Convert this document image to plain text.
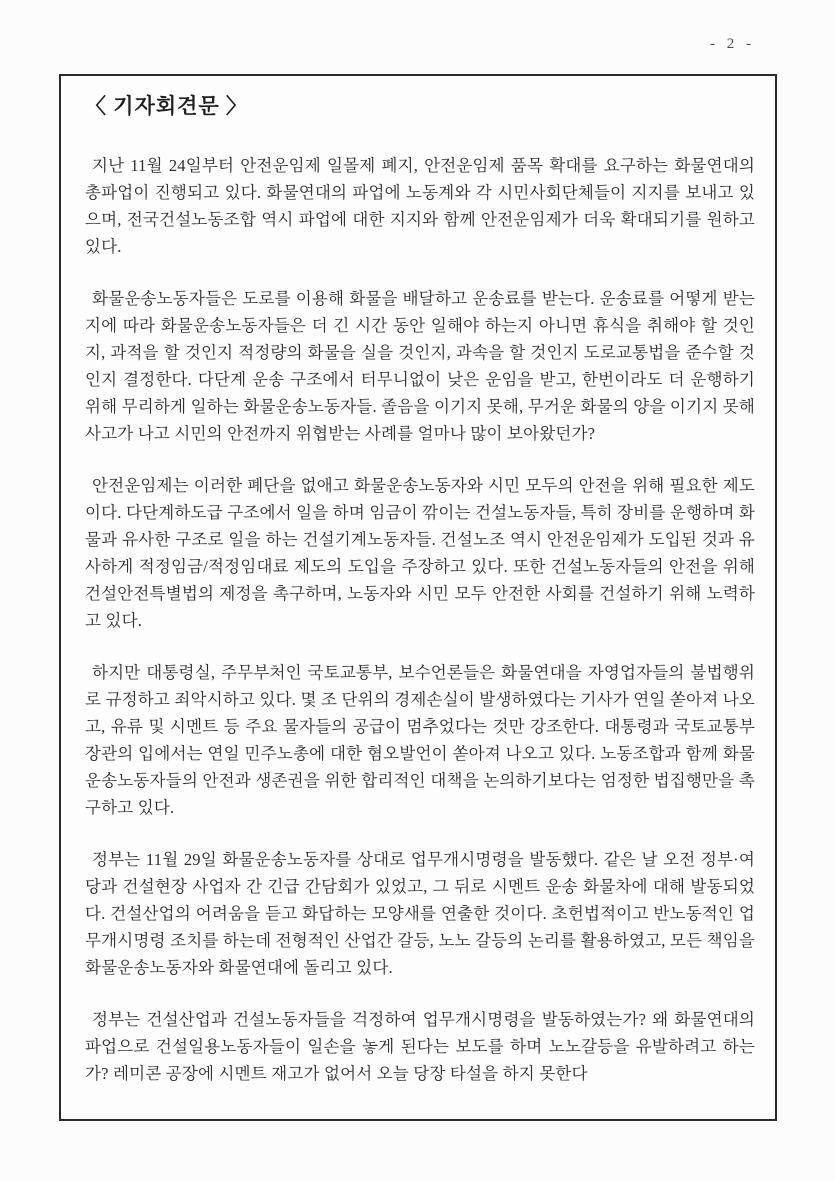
- 2 -
〈 기자회견문 〉

지난 11월 24일부터 안전운임제 일몰제 폐지, 안전운임제 품목 확대를 요구하는 화물연대의 총파업이 진행되고 있다. 화물연대의 파업에 노동계와 각 시민사회단체들이 지지를 보내고 있으며, 전국건설노동조합 역시 파업에 대한 지지와 함께 안전운임제가 더욱 확대되기를 원하고 있다.

화물운송노동자들은 도로를 이용해 화물을 배달하고 운송료를 받는다. 운송료를 어떻게 받는지에 따라 화물운송노동자들은 더 긴 시간 동안 일해야 하는지 아니면 휴식을 취해야 할 것인지, 과적을 할 것인지 적정량의 화물을 실을 것인지, 과속을 할 것인지 도로교통법을 준수할 것인지 결정한다. 다단계 운송 구조에서 터무니없이 낮은 운임을 받고, 한번이라도 더 운행하기 위해 무리하게 일하는 화물운송노동자들. 졸음을 이기지 못해, 무거운 화물의 양을 이기지 못해 사고가 나고 시민의 안전까지 위협받는 사례를 얼마나 많이 보아왔던가?

안전운임제는 이러한 폐단을 없애고 화물운송노동자와 시민 모두의 안전을 위해 필요한 제도이다. 다단계하도급 구조에서 일을 하며 임금이 깎이는 건설노동자들, 특히 장비를 운행하며 화물과 유사한 구조로 일을 하는 건설기계노동자들. 건설노조 역시 안전운임제가 도입된 것과 유사하게 적정임금/적정임대료 제도의 도입을 주장하고 있다. 또한 건설노동자들의 안전을 위해 건설안전특별법의 제정을 촉구하며, 노동자와 시민 모두 안전한 사회를 건설하기 위해 노력하고 있다.

하지만 대통령실, 주무부처인 국토교통부, 보수언론들은 화물연대을 자영업자들의 불법행위로 규정하고 죄악시하고 있다. 몇 조 단위의 경제손실이 발생하였다는 기사가 연일 쏟아져 나오고, 유류 및 시멘트 등 주요 물자들의 공급이 멈추었다는 것만 강조한다. 대통령과 국토교통부 장관의 입에서는 연일 민주노총에 대한 혐오발언이 쏟아져 나오고 있다. 노동조합과 함께 화물운송노동자들의 안전과 생존권을 위한 합리적인 대책을 논의하기보다는 엄정한 법집행만을 촉구하고 있다.

정부는 11월 29일 화물운송노동자를 상대로 업무개시명령을 발동했다. 같은 날 오전 정부·여당과 건설현장 사업자 간 긴급 간담회가 있었고, 그 뒤로 시멘트 운송 화물차에 대해 발동되었다. 건설산업의 어려움을 듣고 화답하는 모양새를 연출한 것이다. 초헌법적이고 반노동적인 업무개시명령 조치를 하는데 전형적인 산업간 갈등, 노노 갈등의 논리를 활용하였고, 모든 책임을 화물운송노동자와 화물연대에 돌리고 있다.

정부는 건설산업과 건설노동자들을 걱정하여 업무개시명령을 발동하였는가? 왜 화물연대의 파업으로 건설일용노동자들이 일손을 놓게 된다는 보도를 하며 노노갈등을 유발하려고 하는가? 레미콘 공장에 시멘트 재고가 없어서 오늘 당장 타설을 하지 못한다
